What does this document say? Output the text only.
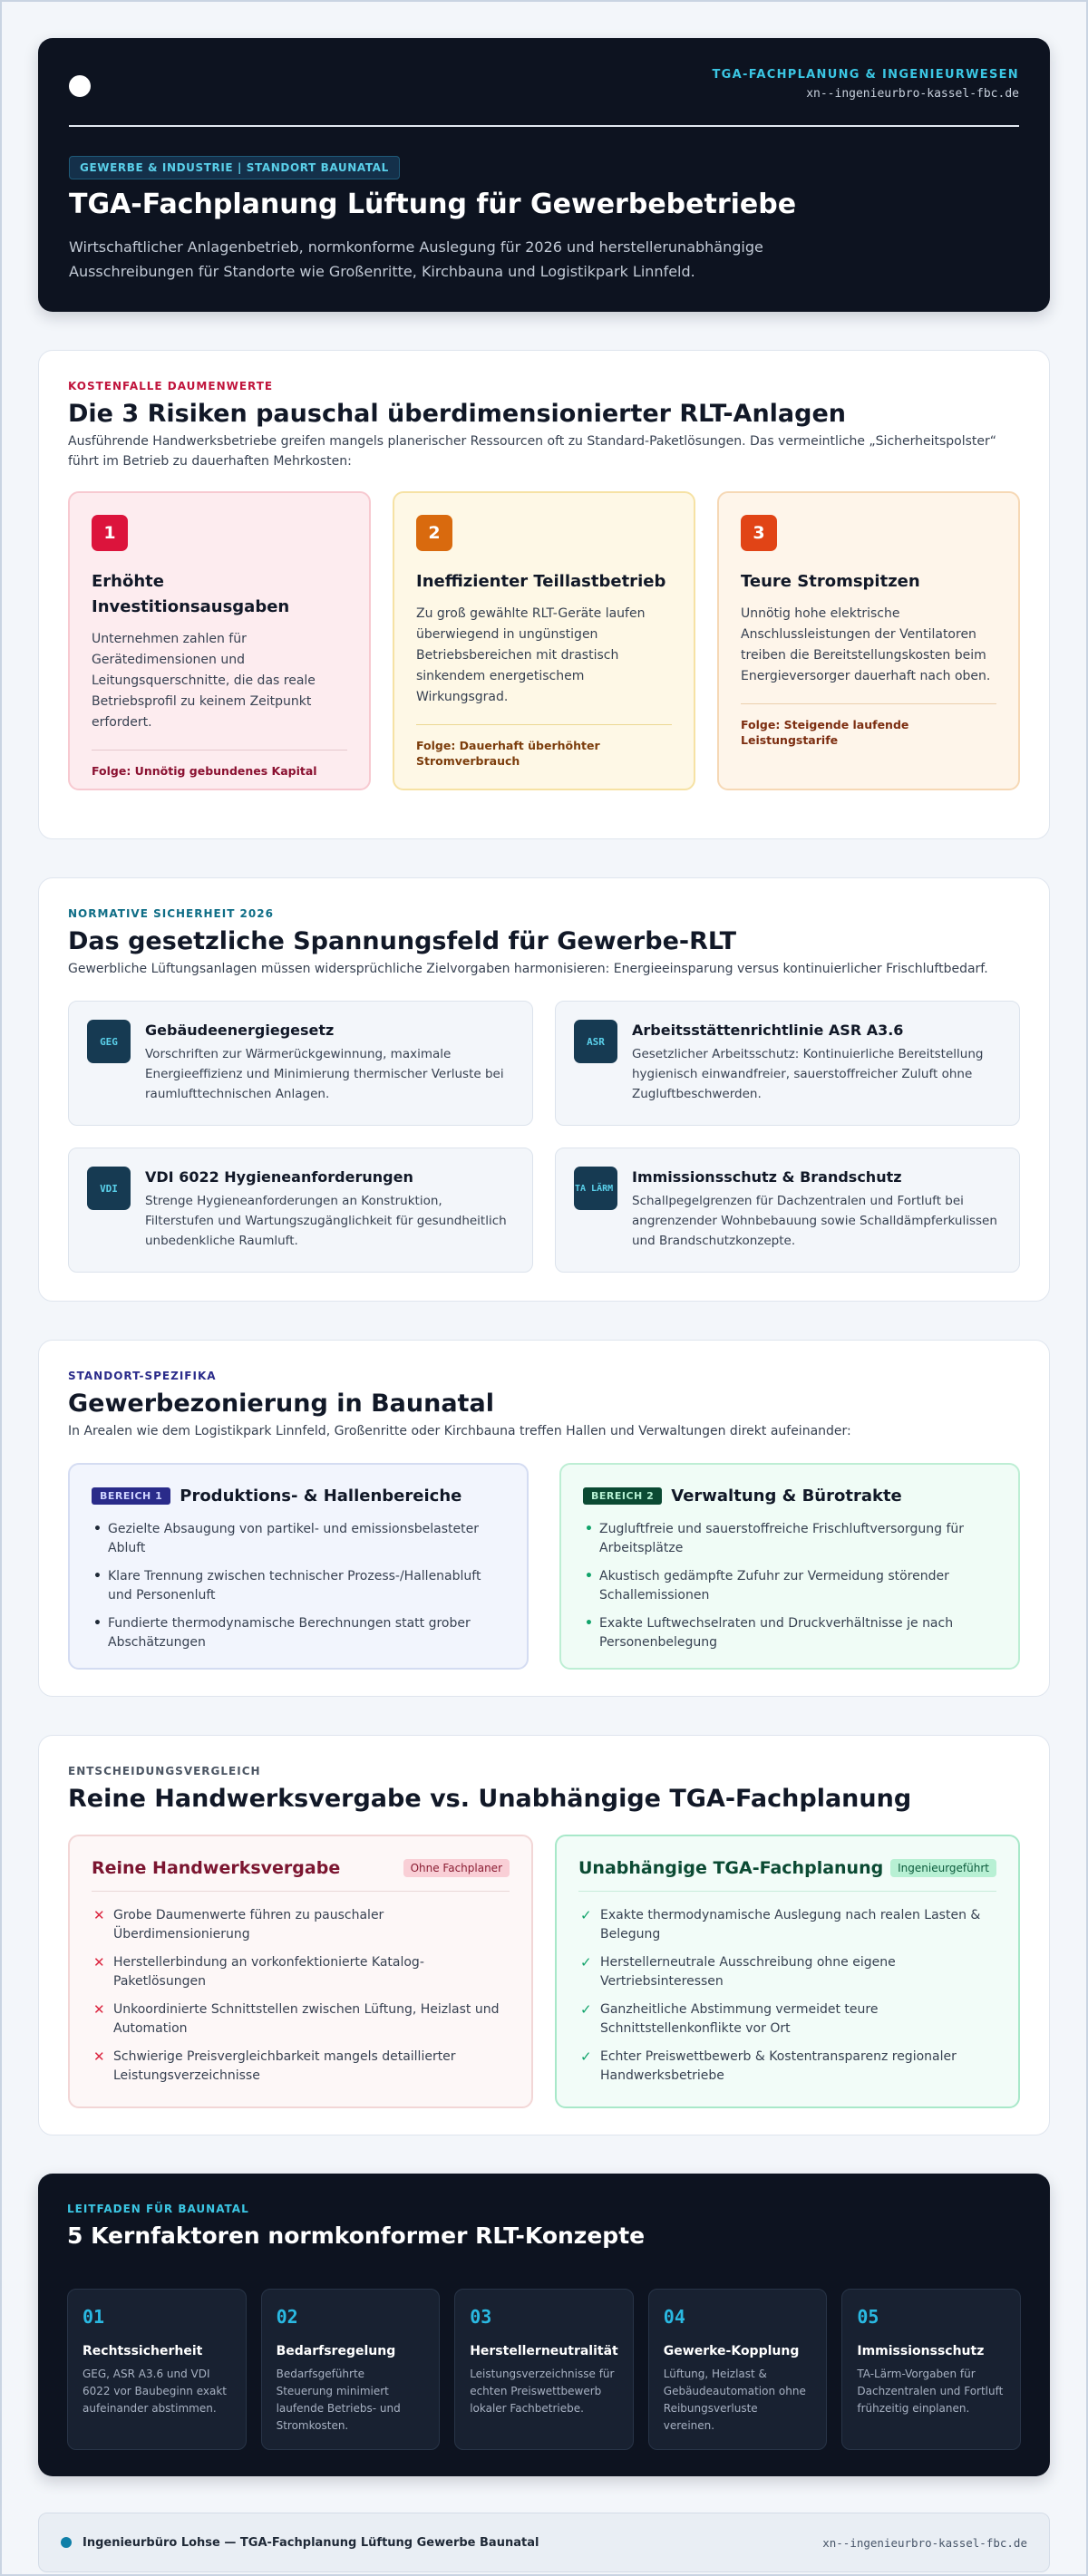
TGA-FACHPLANUNG & INGENIEURWESEN
xn--ingenieurbro-kassel-fbc.de
GEWERBE & INDUSTRIE | STANDORT BAUNATAL
TGA-Fachplanung Lüftung für Gewerbebetriebe

Wirtschaftlicher Anlagenbetrieb, normkonforme Auslegung für 2026 und herstellerunabhängige Ausschreibungen für Standorte wie Großenritte, Kirchbauna und Logistikpark Linnfeld.

KOSTENFALLE DAUMENWERTE
Die 3 Risiken pauschal überdimensionierter RLT-Anlagen
Ausführende Handwerksbetriebe greifen mangels planerischer Ressourcen oft zu Standard-Paketlösungen. Das vermeintliche „Sicherheitspolster“ führt im Betrieb zu dauerhaften Mehrkosten:
1
Erhöhte Investitionsausgaben

Unternehmen zahlen für Gerätedimensionen und Leitungsquerschnitte, die das reale Betriebsprofil zu keinem Zeitpunkt erfordert.

Folge: Unnötig gebundenes Kapital
2
Ineffizienter Teillastbetrieb

Zu groß gewählte RLT-Geräte laufen überwiegend in ungünstigen Betriebsbereichen mit drastisch sinkendem energetischem Wirkungsgrad.

Folge: Dauerhaft überhöhter Stromverbrauch
3
Teure Stromspitzen

Unnötig hohe elektrische Anschlussleistungen der Ventilatoren treiben die Bereitstellungskosten beim Energieversorger dauerhaft nach oben.

Folge: Steigende laufende Leistungstarife
NORMATIVE SICHERHEIT 2026
Das gesetzliche Spannungsfeld für Gewerbe-RLT
Gewerbliche Lüftungsanlagen müssen widersprüchliche Zielvorgaben harmonisieren: Energieeinsparung versus kontinuierlicher Frischluftbedarf.
GEG
Gebäudeenergiegesetz

Vorschriften zur Wärmerückgewinnung, maximale Energieeffizienz und Minimierung thermischer Verluste bei raumlufttechnischen Anlagen.

ASR
Arbeitsstättenrichtlinie ASR A3.6

Gesetzlicher Arbeitsschutz: Kontinuierliche Bereitstellung hygienisch einwandfreier, sauerstoffreicher Zuluft ohne Zugluftbeschwerden.

VDI
VDI 6022 Hygieneanforderungen

Strenge Hygieneanforderungen an Konstruktion, Filterstufen und Wartungszugänglichkeit für gesundheitlich unbedenkliche Raumluft.

TA LÄRM
Immissionsschutz & Brandschutz

Schallpegelgrenzen für Dachzentralen und Fortluft bei angrenzender Wohnbebauung sowie Schalldämpferkulissen und Brandschutzkonzepte.

STANDORT-SPEZIFIKA
Gewerbezonierung in Baunatal
In Arealen wie dem Logistikpark Linnfeld, Großenritte oder Kirchbauna treffen Hallen und Verwaltungen direkt aufeinander:
BEREICH 1	Produktions- & Hallenbereiche
• Gezielte Absaugung von partikel- und emissionsbelasteter Abluft
• Klare Trennung zwischen technischer Prozess-/Hallenabluft und Personenluft
• Fundierte thermodynamische Berechnungen statt grober Abschätzungen
BEREICH 2	Verwaltung & Bürotrakte
• Zugluftfreie und sauerstoffreiche Frischluftversorgung für Arbeitsplätze
• Akustisch gedämpfte Zufuhr zur Vermeidung störender Schallemissionen
• Exakte Luftwechselraten und Druckverhältnisse je nach Personenbelegung
ENTSCHEIDUNGSVERGLEICH
Reine Handwerksvergabe vs. Unabhängige TGA-Fachplanung
Reine Handwerksvergabe	Ohne Fachplaner
✕ Grobe Daumenwerte führen zu pauschaler Überdimensionierung
✕ Herstellerbindung an vorkonfektionierte Katalog-Paketlösungen
✕ Unkoordinierte Schnittstellen zwischen Lüftung, Heizlast und Automation
✕ Schwierige Preisvergleichbarkeit mangels detaillierter Leistungsverzeichnisse
Unabhängige TGA-Fachplanung	Ingenieurgeführt
✓ Exakte thermodynamische Auslegung nach realen Lasten & Belegung
✓ Herstellerneutrale Ausschreibung ohne eigene Vertriebsinteressen
✓ Ganzheitliche Abstimmung vermeidet teure Schnittstellenkonflikte vor Ort
✓ Echter Preiswettbewerb & Kostentransparenz regionaler Handwerksbetriebe
LEITFADEN FÜR BAUNATAL
5 Kernfaktoren normkonformer RLT-Konzepte
01
Rechtssicherheit

GEG, ASR A3.6 und VDI 6022 vor Baubeginn exakt aufeinander abstimmen.

02
Bedarfsregelung

Bedarfsgeführte Steuerung minimiert laufende Betriebs- und Stromkosten.

03
Herstellerneutralität

Leistungsverzeichnisse für echten Preiswettbewerb lokaler Fachbetriebe.

04
Gewerke-Kopplung

Lüftung, Heizlast & Gebäudeautomation ohne Reibungsverluste vereinen.

05
Immissionsschutz

TA-Lärm-Vorgaben für Dachzentralen und Fortluft frühzeitig einplanen.

Ingenieurbüro Lohse — TGA-Fachplanung Lüftung Gewerbe Baunatal	xn--ingenieurbro-kassel-fbc.de
